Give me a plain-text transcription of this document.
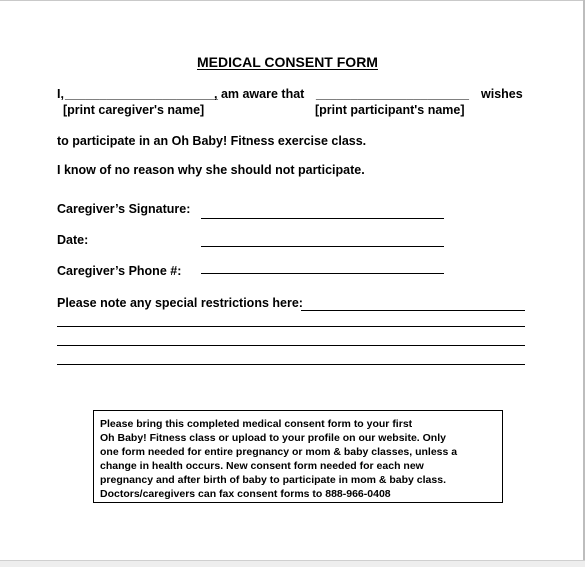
MEDICAL CONSENT FORM
I, ______________________
, am aware that ______________________ wishes
[print caregiver's name]	[print participant's name]
to participate in an Oh Baby! Fitness exercise class.
I know of no reason why she should not participate.
Caregiver’s Signature:
Date:
Caregiver’s Phone #:
Please note any special restrictions here:
Please bring this completed medical consent form to your first
Oh Baby! Fitness class or upload to your profile on our website. Only
one form needed for entire pregnancy or mom & baby classes, unless a
change in health occurs. New consent form needed for each new
pregnancy and after birth of baby to participate in mom & baby class.
Doctors/caregivers can fax consent forms to 888-966-0408
